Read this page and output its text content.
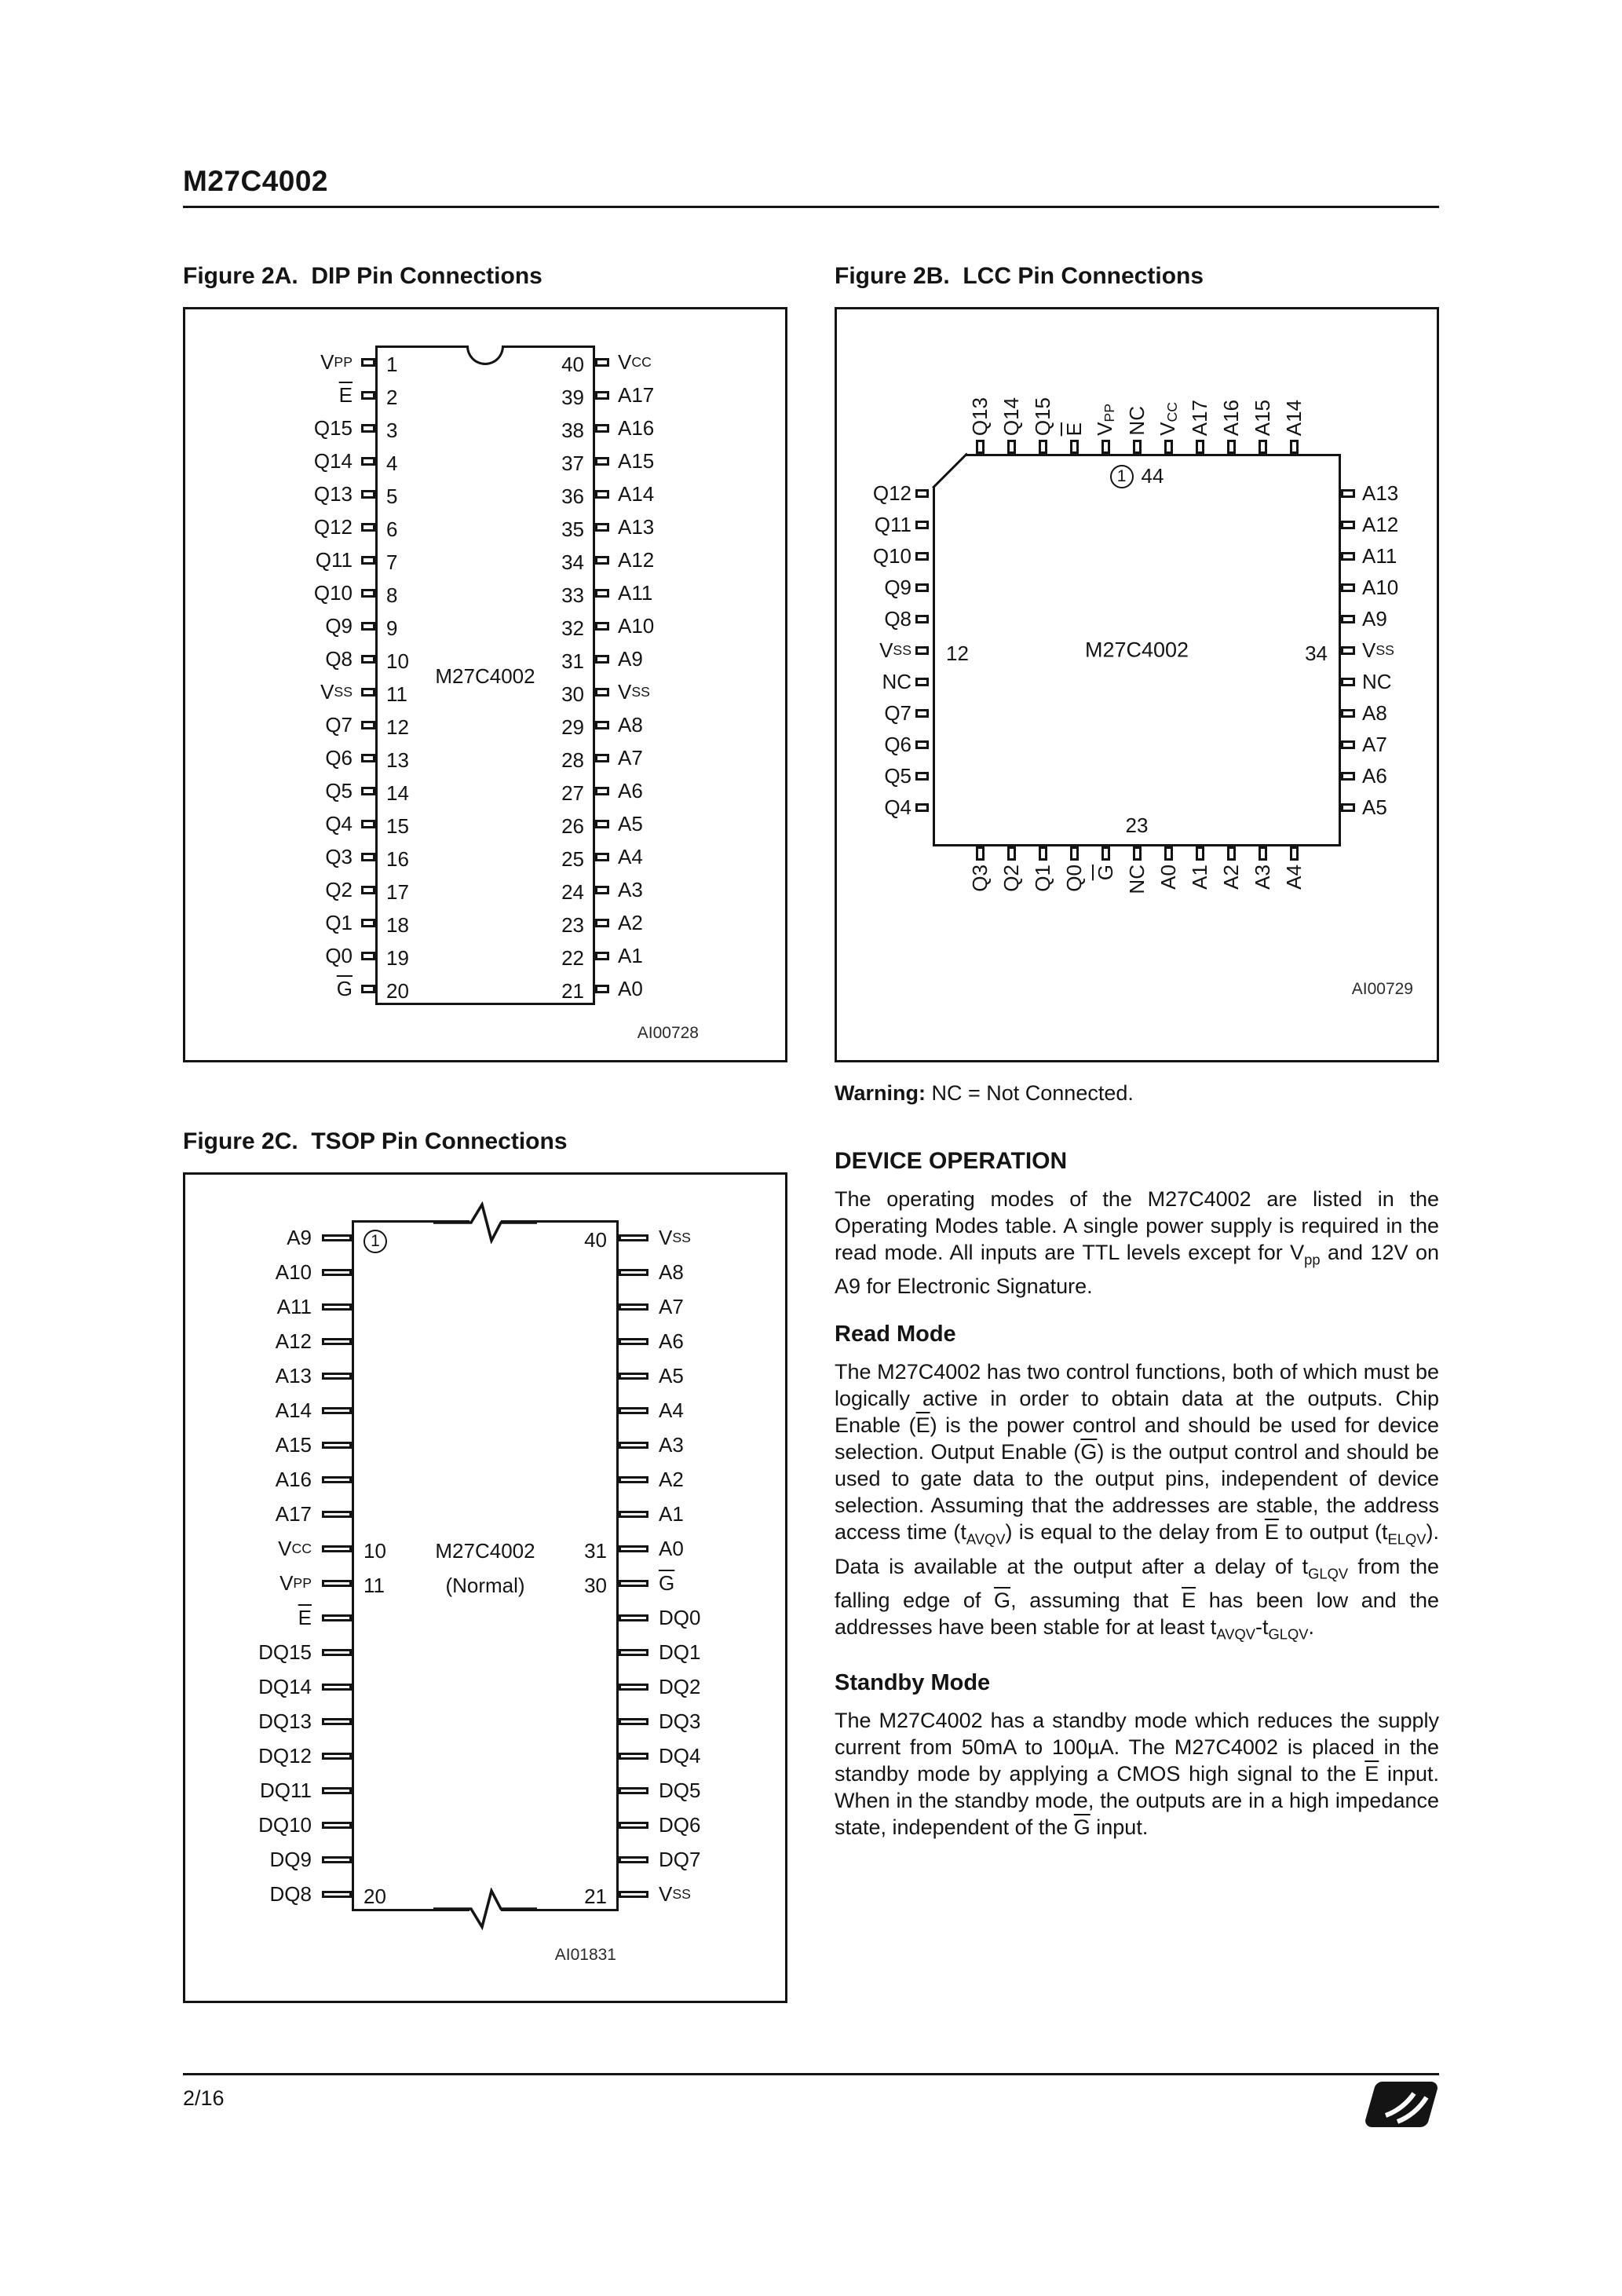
M27C4002
Figure 2A.  DIP Pin Connections
V PP
$\overline{E}$
Q15
Q14
Q13
Q12
Q11
Q10
Q9
Q8
V SS
Q7
Q6
Q5
Q4
Q3
Q2
Q1
Q0
$\overline{G}$
1	40
2	39
3	38
4	37
5	36
6	35
7	34
8	33
9	32
10	31
11	30
12	29
13	28
14	27
15	26
16	25
17	24
18	23
19	22
20	21
M27C4002
V CC
A17
A16
A15
A14
A13
A12
A11
A10
A9
V SS
A8
A7
A6
A5
A4
A3
A2
A1
A0
AI00728
Figure 2C.  TSOP Pin Connections
A9
A10
A11
A12
A13
A14
A15
A16
A17
V CC
V PP
$\overline{E}$
DQ15
DQ14
DQ13
DQ12
DQ11
DQ10
DQ9
DQ8
1	40
10	M27C4002	31
11	(Normal)	30
20	21
V SS
A8
A7
A6
A5
A4
A3
A2
A1
A0
$\overline{G}$
DQ0
DQ1
DQ2
DQ3
DQ4
DQ5
DQ6
DQ7
V SS
AI01831
Figure 2B.  LCC Pin Connections
Q13 Q14 Q15 E $V_{PP}$ NC $V_{CC}$ A17 A16 A15 A14
Q12
Q11
Q10
Q9
Q8
V SS
NC
Q7
Q6
Q5
Q4
1 44
12	34
23
M27C4002
A13
A12
A11
A10
A9
V SS
NC
A8
A7
A6
A5
Q3 Q2 Q1 Q0 G NC A0 A1 A2 A3 A4
AI00729

Warning: NC = Not Connected.

DEVICE OPERATION

The operating modes of the M27C4002 are listed in the Operating Modes table. A single power supply is required in the read mode. All inputs are TTL levels except for $V_{pp}$ and 12V on A9 for Electronic Signature.

Read Mode

The M27C4002 has two control functions, both of which must be logically active in order to obtain data at the outputs. Chip Enable $(\overline{E})$ is the power control and should be used for device selection. Output Enable $(\overline{G})$ is the output control and should be used to gate data to the output pins, independent of device selection. Assuming that the addresses are stable, the address access time $(t_{AVQV})$ is equal to the delay from $\overline{E}$ to output $(t_{ELQV})$. Data is available at the output after a delay of $t_{GLQV}$ from the falling edge of $\overline{G}$, assuming that $\overline{E}$ has been low and the addresses have been stable for at least $t_{AVQV}-t_{GLQV}$.

Standby Mode

The M27C4002 has a standby mode which reduces the supply current from 50mA to 100µA. The M27C4002 is placed in the standby mode by applying a CMOS high signal to the $\overline{E}$ input. When in the standby mode, the outputs are in a high impedance state, independent of the $\overline{G}$ input.

2/16
